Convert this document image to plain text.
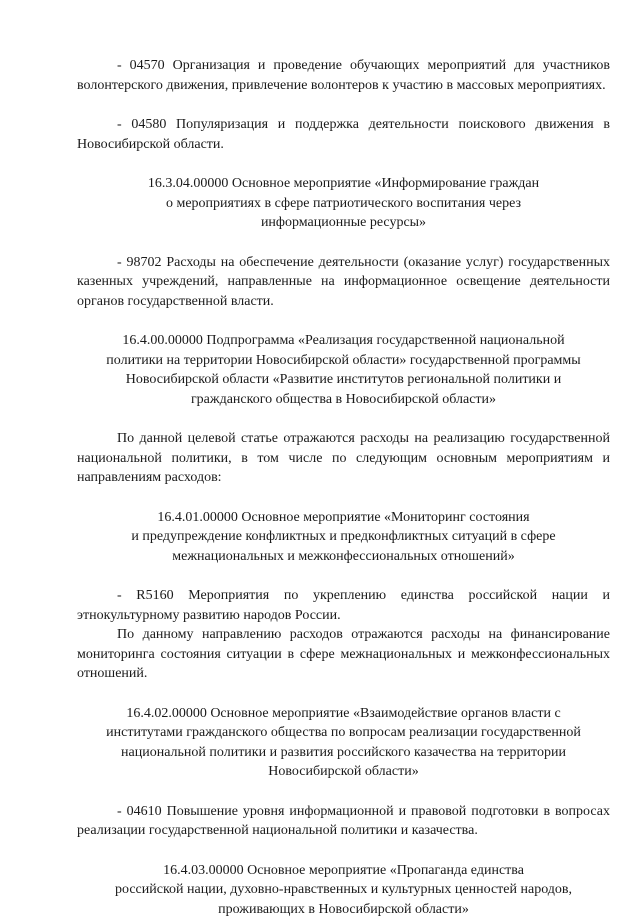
- 04570 Организация и проведение обучающих мероприятий для участников волонтерского движения, привлечение волонтеров к участию в массовых мероприятиях.

- 04580 Популяризация и поддержка деятельности поискового движения в Новосибирской области.

16.3.04.00000 Основное мероприятие «Информирование граждан
о мероприятиях в сфере патриотического воспитания через
информационные ресурсы»

- 98702 Расходы на обеспечение деятельности (оказание услуг) государственных казенных учреждений, направленные на информационное освещение деятельности органов государственной власти.

16.4.00.00000 Подпрограмма «Реализация государственной национальной
политики на территории Новосибирской области» государственной программы
Новосибирской области «Развитие институтов региональной политики и
гражданского общества в Новосибирской области»

По данной целевой статье отражаются расходы на реализацию государственной национальной политики, в том числе по следующим основным мероприятиям и направлениям расходов:

16.4.01.00000 Основное мероприятие «Мониторинг состояния
и предупреждение конфликтных и предконфликтных ситуаций в сфере
межнациональных и межконфессиональных отношений»

- R5160 Мероприятия по укреплению единства российской нации и этнокультурному развитию народов России.

По данному направлению расходов отражаются расходы на финансирование мониторинга состояния ситуации в сфере межнациональных и межконфессиональных отношений.

16.4.02.00000 Основное мероприятие «Взаимодействие органов власти с
институтами гражданского общества по вопросам реализации государственной
национальной политики и развития российского казачества на территории
Новосибирской области»

- 04610 Повышение уровня информационной и правовой подготовки в вопросах реализации государственной национальной политики и казачества.

16.4.03.00000 Основное мероприятие «Пропаганда единства
российской нации, духовно-нравственных и культурных ценностей народов,
проживающих в Новосибирской области»
